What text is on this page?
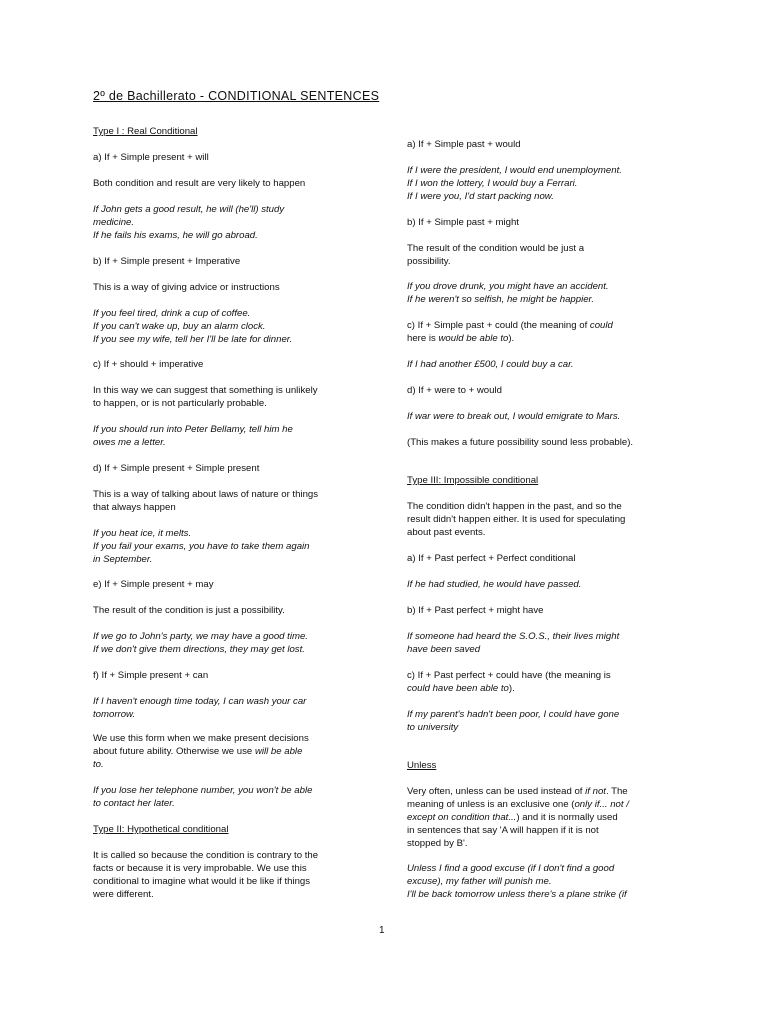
2º de Bachillerato - CONDITIONAL SENTENCES

Type I : Real Conditional

a) If + Simple present + will

Both condition and result are very likely to happen

If John gets a good result, he will (he'll) study
medicine.
If he fails his exams, he will go abroad.

b) If + Simple present + Imperative

This is a way of giving advice or instructions

If you feel tired, drink a cup of coffee.
If you can't wake up, buy an alarm clock.
If you see my wife, tell her I'll be late for dinner.

c) If + should + imperative

In this way we can suggest that something is unlikely
to happen, or is not particularly probable.

If you should run into Peter Bellamy, tell him he
owes me a letter.

d) If + Simple present + Simple present

This is a way of talking about laws of nature or things
that always happen

If you heat ice, it melts.
If you fail your exams, you have to take them again
in September.

e) If + Simple present + may

The result of the condition is just a possibility.

If we go to John's party, we may have a good time.
If we don't give them directions, they may get lost.

f) If + Simple present + can

If I haven't enough time today, I can wash your car
tomorrow.

We use this form when we make present decisions
about future ability. Otherwise we use will be able
to.

If you lose her telephone number, you won't be able
to contact her later.

Type II: Hypothetical conditional

It is called so because the condition is contrary to the
facts or because it is very improbable. We use this
conditional to imagine what would it be like if things
were different.

a) If + Simple past + would

If I were the president, I would end unemployment.
If I won the lottery, I would buy a Ferrari.
If I were you, I'd start packing now.

b) If + Simple past + might

The result of the condition would be just a
possibility.

If you drove drunk, you might have an accident.
If he weren't so selfish, he might be happier.

c) If + Simple past + could (the meaning of could
here is would be able to).

If I had another £500, I could buy a car.

d) If + were to + would

If war were to break out, I would emigrate to Mars.

(This makes a future possibility sound less probable).

Type III: Impossible conditional

The condition didn't happen in the past, and so the
result didn't happen either. It is used for speculating
about past events.

a) If + Past perfect + Perfect conditional

If he had studied, he would have passed.

b) If + Past perfect + might have

If someone had heard the S.O.S., their lives might
have been saved

c) If + Past perfect + could have (the meaning is
could have been able to).

If my parent's hadn't been poor, I could have gone
to university

Unless

Very often, unless can be used instead of if not. The
meaning of unless is an exclusive one (only if... not /
except on condition that...) and it is normally used
in sentences that say 'A will happen if it is not
stopped by B'.

Unless I find a good excuse (if I don't find a good
excuse), my father will punish me.
I'll be back tomorrow unless there's a plane strike (if

1
